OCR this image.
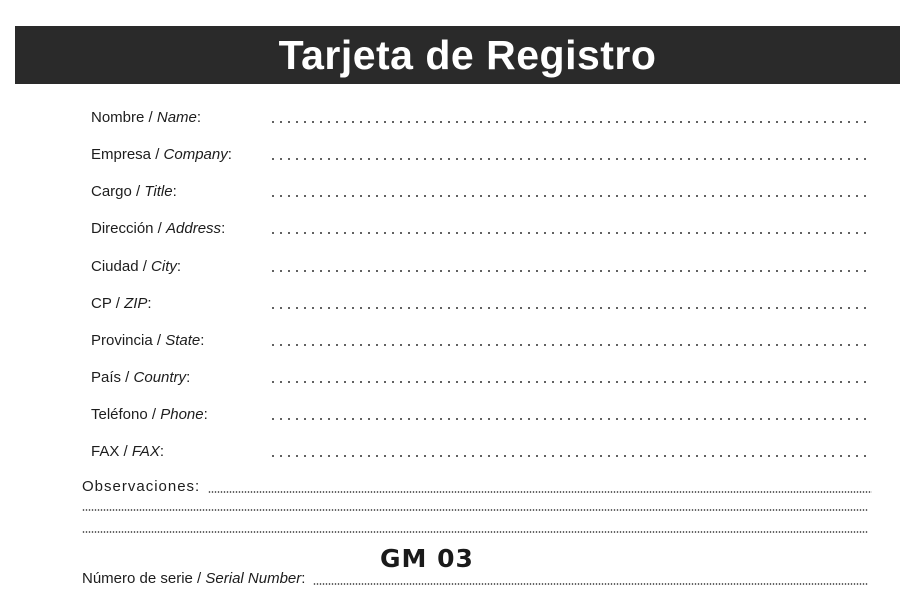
Tarjeta de Registro
Nombre / Name:
Empresa / Company:
Cargo / Title:
Dirección / Address:
Ciudad / City:
CP / ZIP:
Provincia / State:
País / Country:
Teléfono / Phone:
FAX / FAX:
Observaciones:
GM 03
Número de serie / Serial Number:
